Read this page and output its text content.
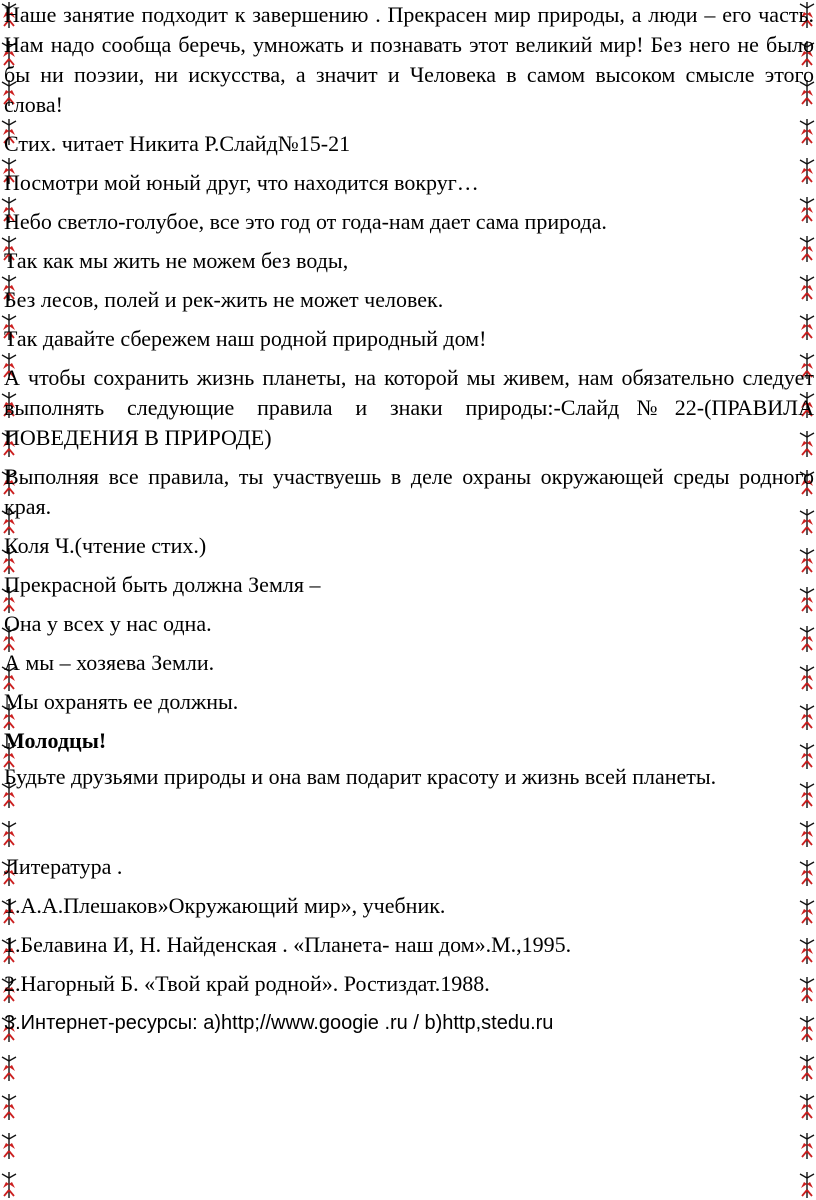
Наше занятие подходит к завершению . Прекрасен мир природы, а люди – его часть. Нам надо сообща беречь, умножать и познавать этот великий мир! Без него не было бы ни поэзии, ни искусства, а значит и Человека в самом высоком смысле этого слова!

Стих. читает Никита Р.Слайд№15-21

Посмотри мой юный друг, что находится вокруг…

Небо светло-голубое, все это год от года-нам дает сама природа.

Так как мы жить не можем без воды,

Без лесов, полей и рек-жить не может человек.

Так давайте сбережем наш родной природный дом!

А чтобы сохранить жизнь планеты, на которой мы живем, нам обязательно следует выполнять следующие правила и знаки природы:-Слайд№22-(ПРАВИЛА ПОВЕДЕНИЯ В ПРИРОДЕ)

Выполняя все правила, ты участвуешь в деле охраны окружающей среды родного края.

Коля Ч.(чтение стих.)

Прекрасной быть должна Земля –

Она у всех у нас одна.

А мы – хозяева Земли.

Мы охранять ее должны.

Молодцы!

Будьте друзьями природы и она вам подарит красоту и жизнь всей планеты.

Литература .

1.А.А.Плешаков»Окружающий мир», учебник.

1.Белавина И, Н. Найденская . «Планета- наш дом».М.,1995.

2.Нагорный Б. «Твой край родной». Ростиздат.1988.

3.Интернет-ресурсы: a)http;//www.googie .ru / b)http,stedu.ru
